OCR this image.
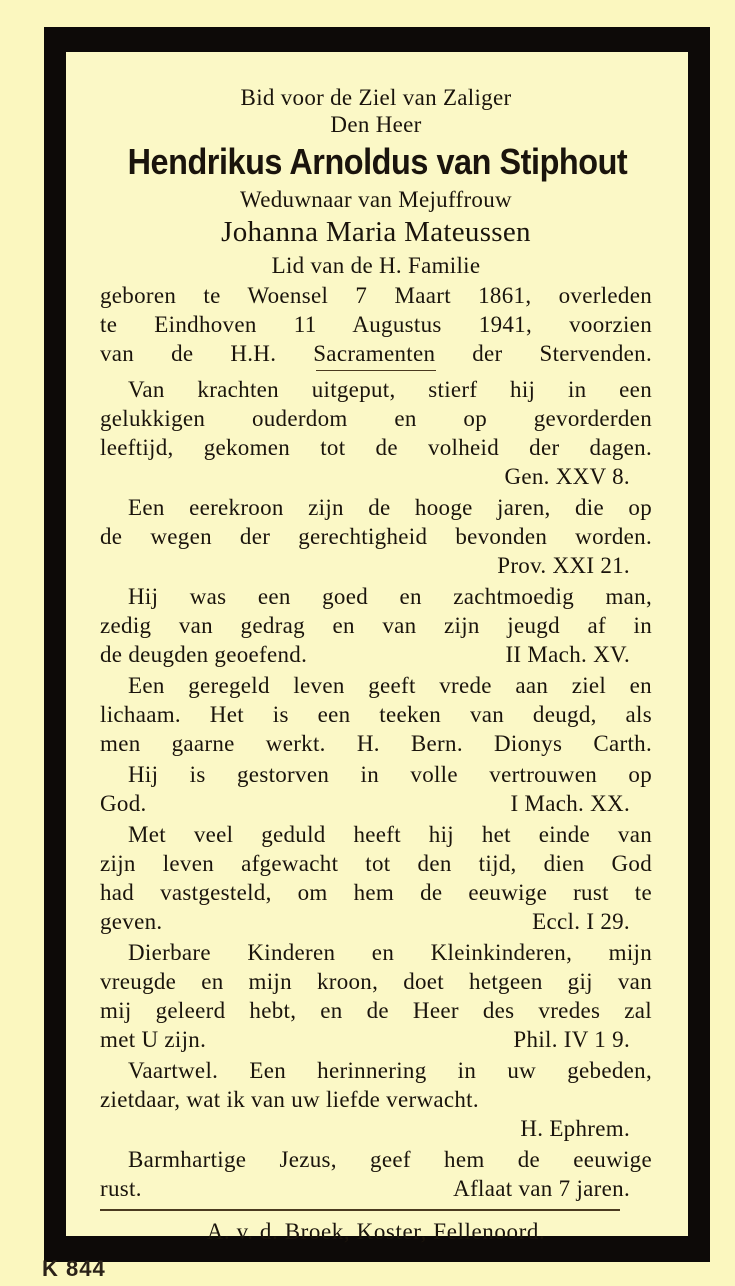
Bid voor de Ziel van Zaliger
Den Heer
Hendrikus Arnoldus van Stiphout
Weduwnaar van Mejuffrouw
Johanna Maria Mateussen
Lid van de H. Familie
geboren te Woensel 7 Maart 1861, overleden
te Eindhoven 11 Augustus 1941, voorzien
van de H.H. Sacramenten der Stervenden.
Van krachten uitgeput, stierf hij in een
gelukkigen ouderdom en op gevorderden
leeftijd, gekomen tot de volheid der dagen.
Gen. XXV 8.
Een eerekroon zijn de hooge jaren, die op
de wegen der gerechtigheid bevonden worden.
Prov. XXI 21.
Hij was een goed en zachtmoedig man,
zedig van gedrag en van zijn jeugd af in
de deugden geoefend.	II Mach. XV.
Een geregeld leven geeft vrede aan ziel en
lichaam. Het is een teeken van deugd, als
men gaarne werkt. H. Bern. Dionys Carth.
Hij is gestorven in volle vertrouwen op
God.	I Mach. XX.
Met veel geduld heeft hij het einde van
zijn leven afgewacht tot den tijd, dien God
had vastgesteld, om hem de eeuwige rust te
geven.	Eccl. I 29.
Dierbare Kinderen en Kleinkinderen, mijn
vreugde en mijn kroon, doet hetgeen gij van
mij geleerd hebt, en de Heer des vredes zal
met U zijn.	Phil. IV 1 9.
Vaartwel. Een herinnering in uw gebeden,
zietdaar, wat ik van uw liefde verwacht.
H. Ephrem.
Barmhartige Jezus, geef hem de eeuwige
rust.	Aflaat van 7 jaren.
A. v. d. Broek, Koster, Fellenoord.
K 844
